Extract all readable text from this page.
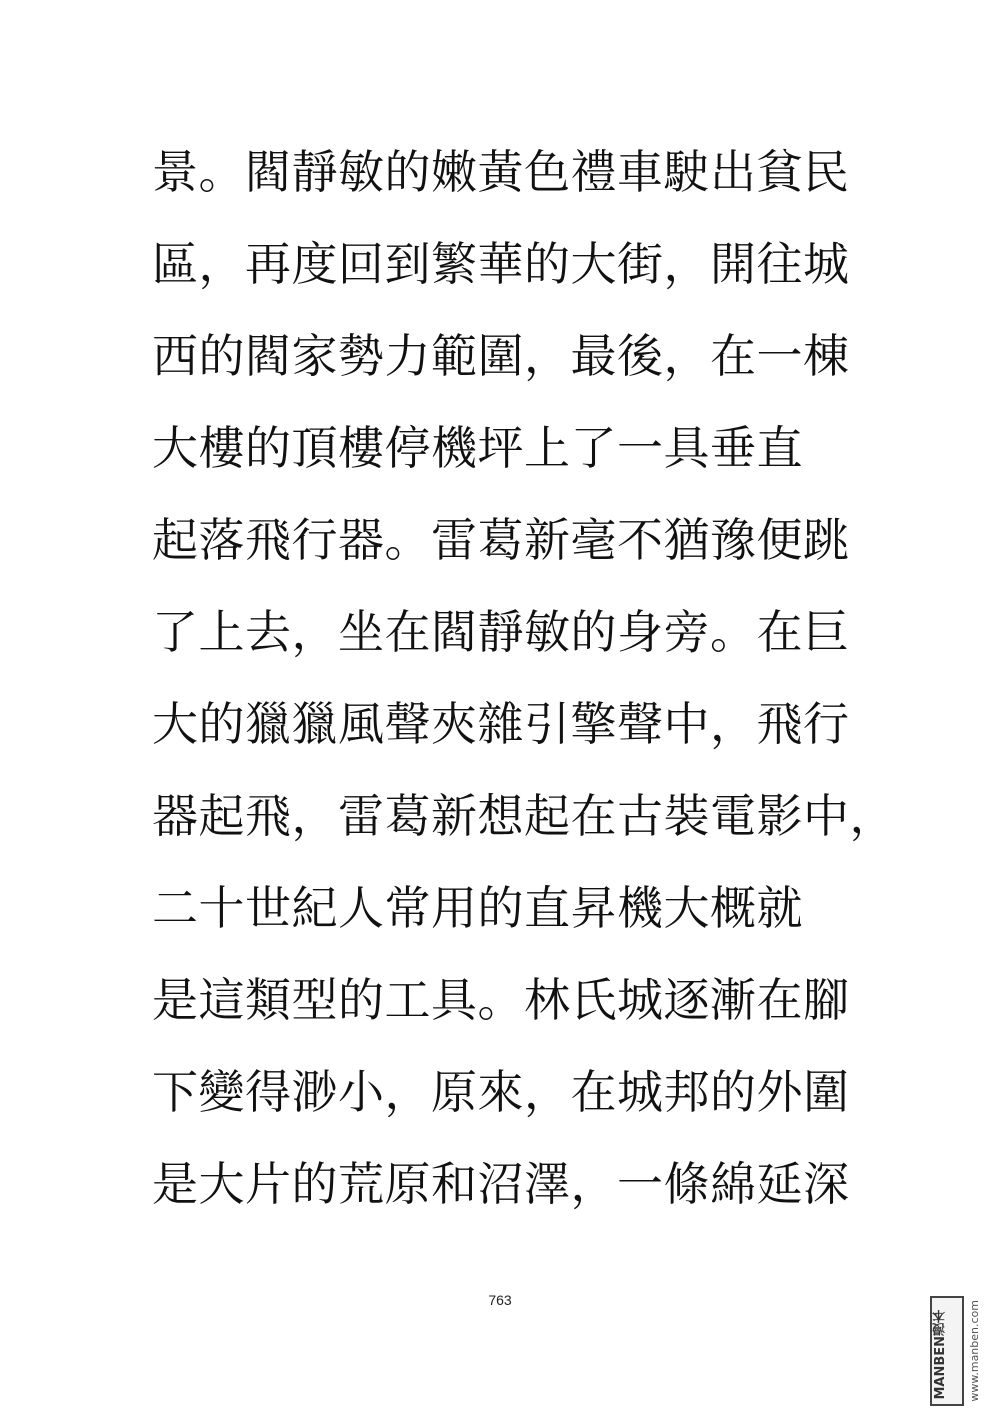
景。閻靜敏的嫩黃色禮車駛出貧民
區，再度回到繁華的大街，開往城
西的閻家勢力範圍，最後，在一棟
大樓的頂樓停機坪上了一具垂直
起落飛行器。雷葛新毫不猶豫便跳
了上去，坐在閻靜敏的身旁。在巨
大的獵獵風聲夾雜引擎聲中，飛行
器起飛，雷葛新想起在古裝電影中，
二十世紀人常用的直昇機大概就
是這類型的工具。林氏城逐漸在腳
下變得渺小，原來，在城邦的外圍
是大片的荒原和沼澤，一條綿延深
763
MANBEN漫本	www.manben.com
